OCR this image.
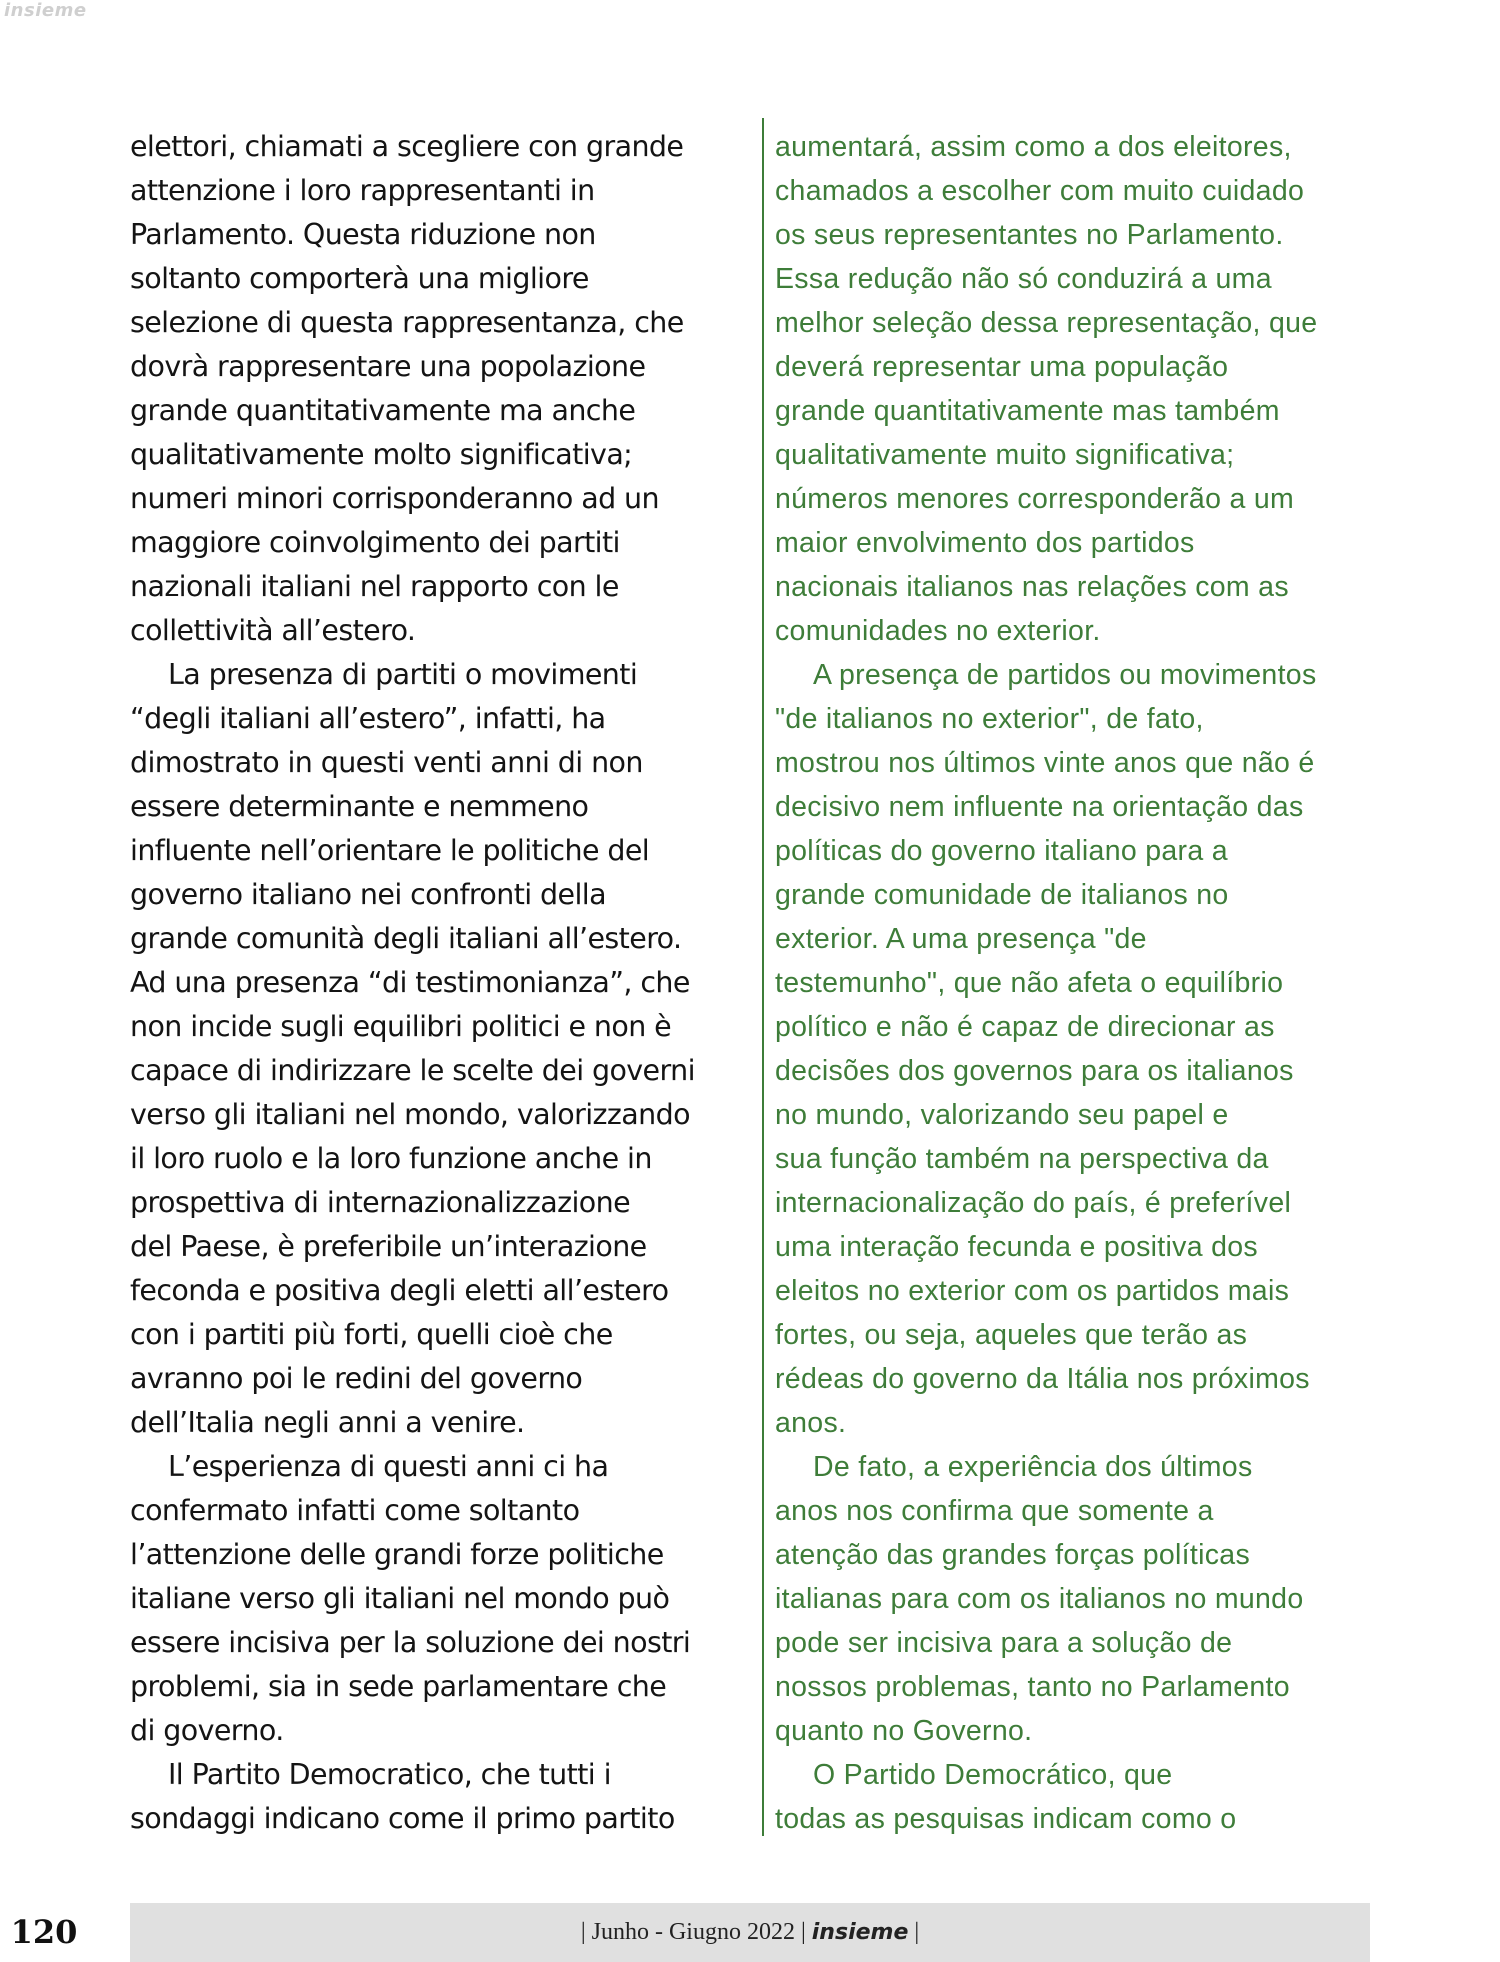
insieme

elettori, chiamati a scegliere con grande

attenzione i loro rappresentanti in

Parlamento. Questa riduzione non

soltanto comporterà una migliore

selezione di questa rappresentanza, che

dovrà rappresentare una popolazione

grande quantitativamente ma anche

qualitativamente molto significativa;

numeri minori corrisponderanno ad un

maggiore coinvolgimento dei partiti

nazionali italiani nel rapporto con le

collettività all’estero.

La presenza di partiti o movimenti

“degli italiani all’estero”, infatti, ha

dimostrato in questi venti anni di non

essere determinante e nemmeno

influente nell’orientare le politiche del

governo italiano nei confronti della

grande comunità degli italiani all’estero.

Ad una presenza “di testimonianza”, che

non incide sugli equilibri politici e non è

capace di indirizzare le scelte dei governi

verso gli italiani nel mondo, valorizzando

il loro ruolo e la loro funzione anche in

prospettiva di internazionalizzazione

del Paese, è preferibile un’interazione

feconda e positiva degli eletti all’estero

con i partiti più forti, quelli cioè che

avranno poi le redini del governo

dell’Italia negli anni a venire.

L’esperienza di questi anni ci ha

confermato infatti come soltanto

l’attenzione delle grandi forze politiche

italiane verso gli italiani nel mondo può

essere incisiva per la soluzione dei nostri

problemi, sia in sede parlamentare che

di governo.

Il Partito Democratico, che tutti i

sondaggi indicano come il primo partito

aumentará, assim como a dos eleitores,

chamados a escolher com muito cuidado

os seus representantes no Parlamento.

Essa redução não só conduzirá a uma

melhor seleção dessa representação, que

deverá representar uma população

grande quantitativamente mas também

qualitativamente muito significativa;

números menores corresponderão a um

maior envolvimento dos partidos

nacionais italianos nas relações com as

comunidades no exterior.

A presença de partidos ou movimentos

"de italianos no exterior", de fato,

mostrou nos últimos vinte anos que não é

decisivo nem influente na orientação das

políticas do governo italiano para a

grande comunidade de italianos no

exterior. A uma presença "de

testemunho", que não afeta o equilíbrio

político e não é capaz de direcionar as

decisões dos governos para os italianos

no mundo, valorizando seu papel e

sua função também na perspectiva da

internacionalização do país, é preferível

uma interação fecunda e positiva dos

eleitos no exterior com os partidos mais

fortes, ou seja, aqueles que terão as

rédeas do governo da Itália nos próximos

anos.

De fato, a experiência dos últimos

anos nos confirma que somente a

atenção das grandes forças políticas

italianas para com os italianos no mundo

pode ser incisiva para a solução de

nossos problemas, tanto no Parlamento

quanto no Governo.

O Partido Democrático, que

todas as pesquisas indicam como o

120	| Junho - Giugno 2022 | insieme |
